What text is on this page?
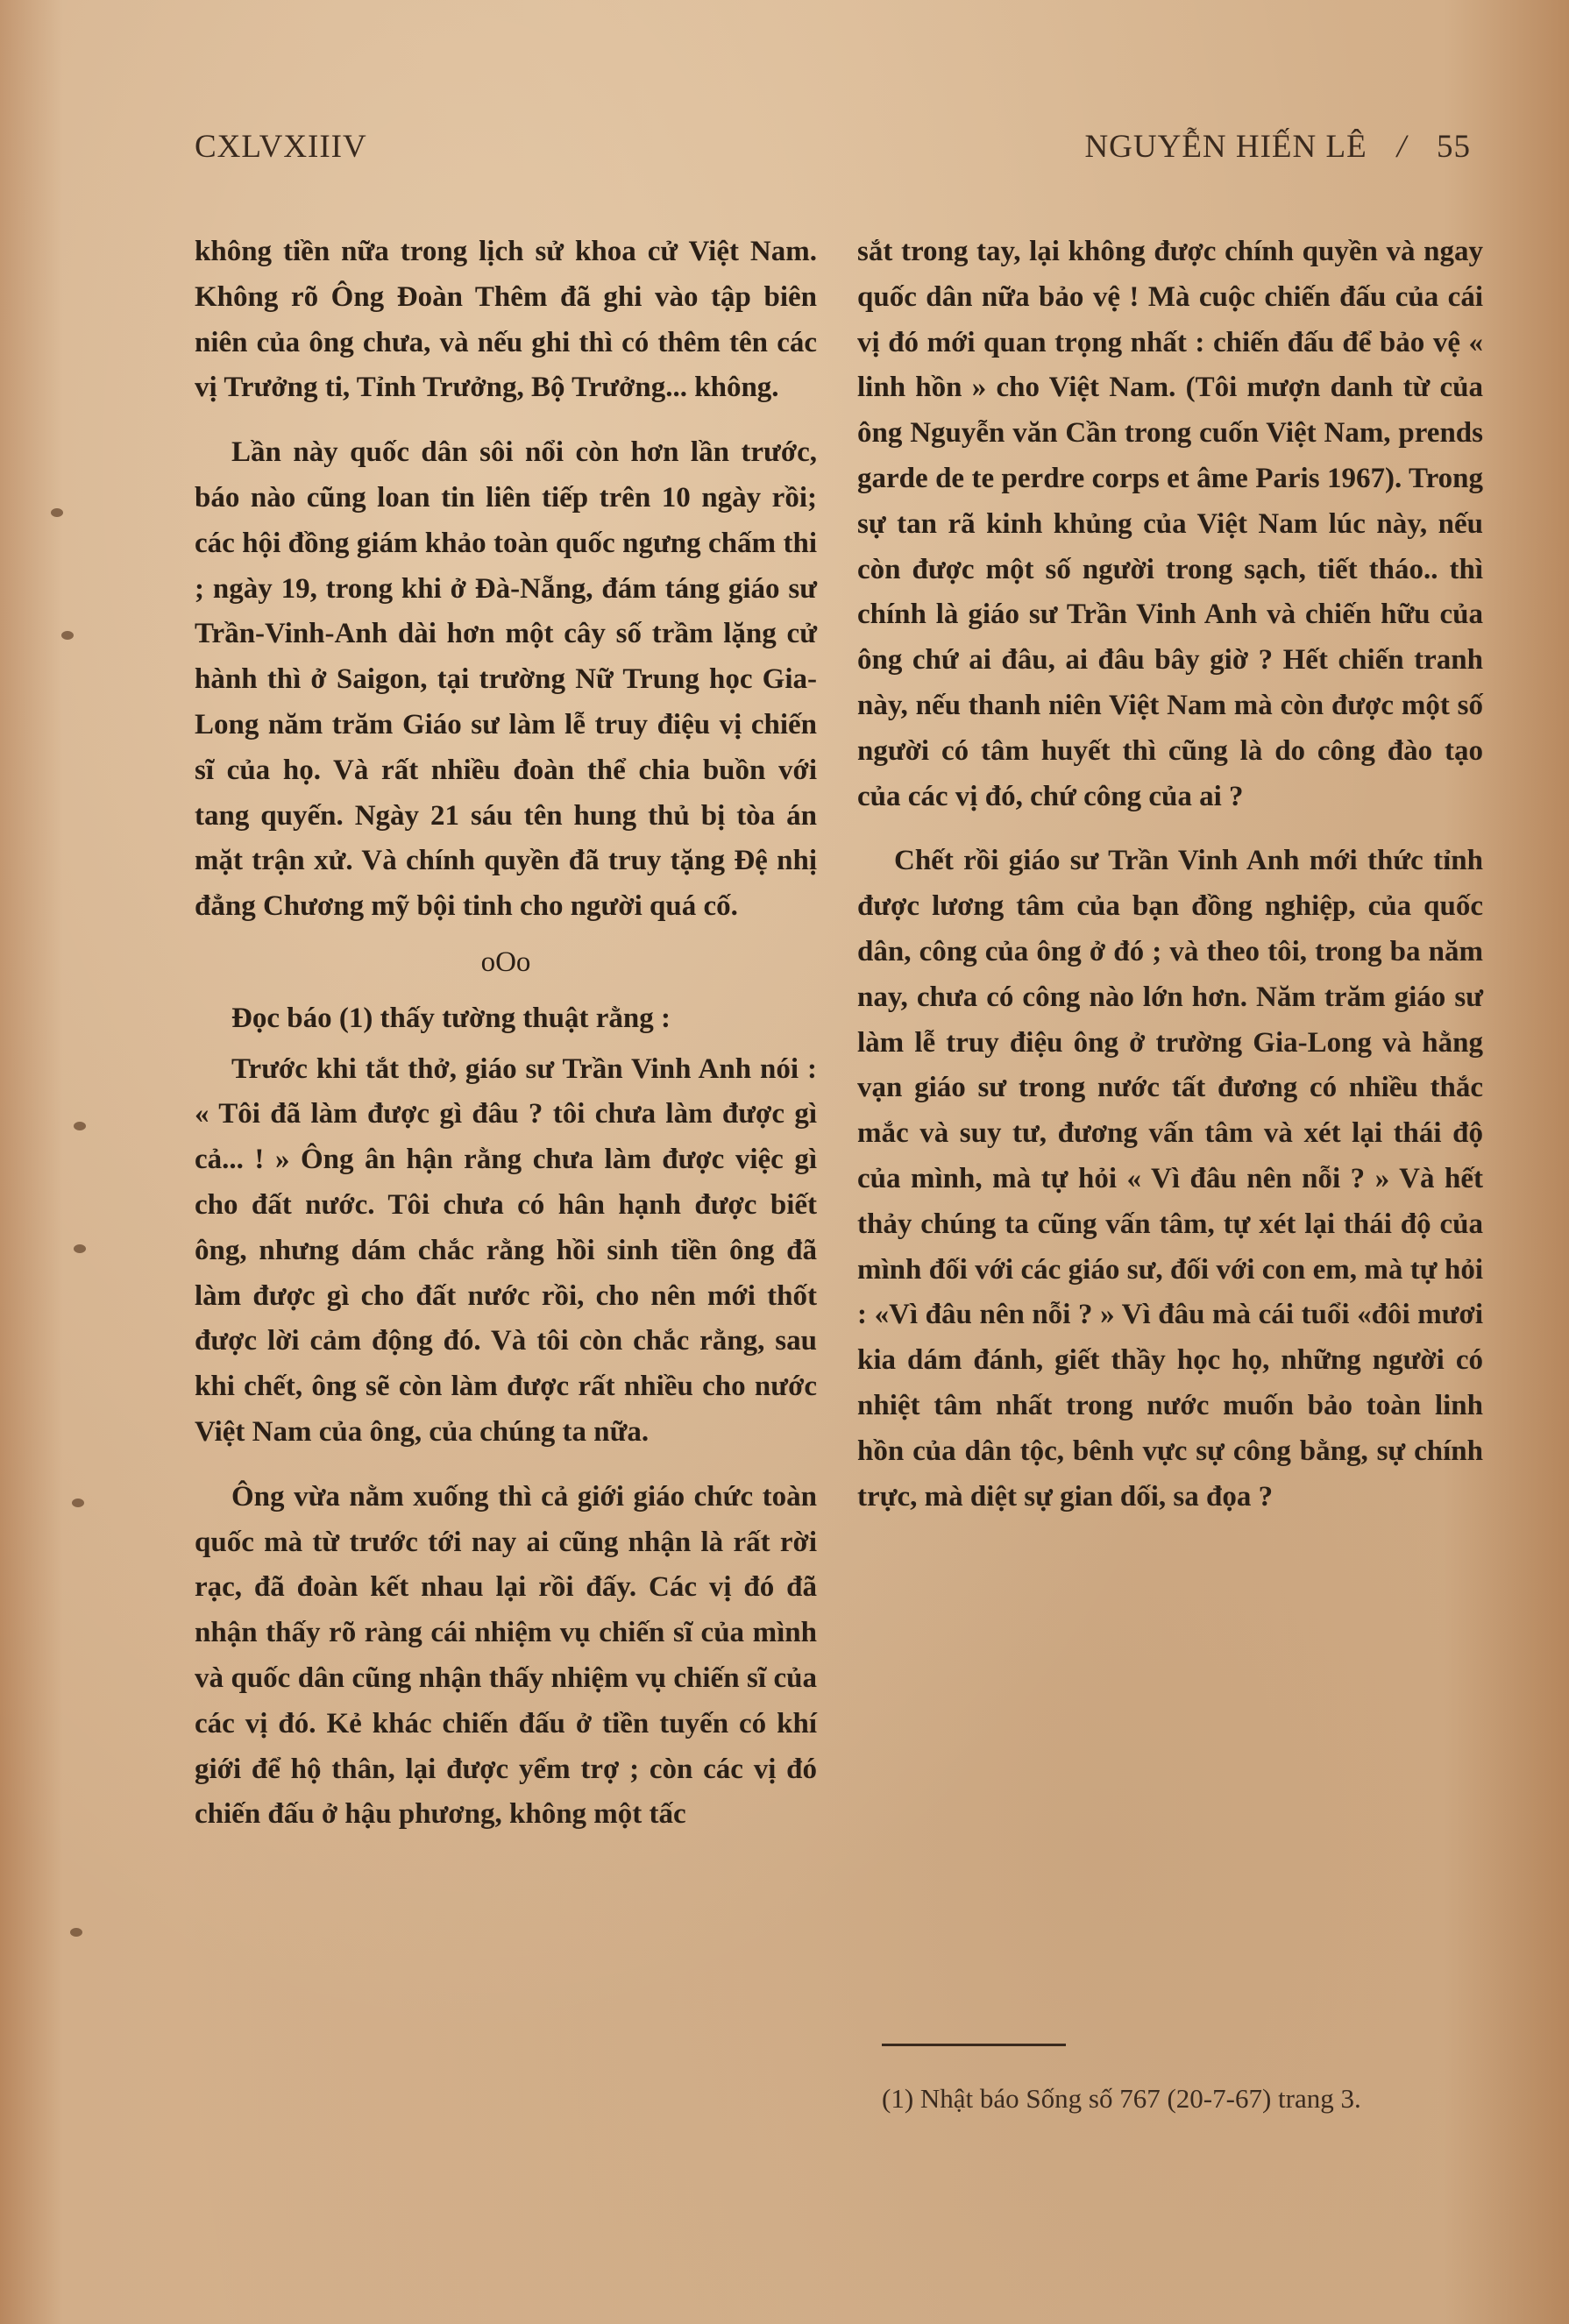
CXLVXIIIV	NGUYỄN HIẾN LÊ / 55

không tiền nữa trong lịch sử khoa cử Việt Nam. Không rõ Ông Đoàn Thêm đã ghi vào tập biên niên của ông chưa, và nếu ghi thì có thêm tên các vị Trưởng ti, Tỉnh Trưởng, Bộ Trưởng... không.

Lần này quốc dân sôi nổi còn hơn lần trước, báo nào cũng loan tin liên tiếp trên 10 ngày rồi; các hội đồng giám khảo toàn quốc ngưng chấm thi ; ngày 19, trong khi ở Đà-Nẵng, đám táng giáo sư Trần-Vinh-Anh dài hơn một cây số trầm lặng cử hành thì ở Saigon, tại trường Nữ Trung học Gia-Long năm trăm Giáo sư làm lễ truy điệu vị chiến sĩ của họ. Và rất nhiều đoàn thể chia buồn với tang quyến. Ngày 21 sáu tên hung thủ bị tòa án mặt trận xử. Và chính quyền đã truy tặng Đệ nhị đẳng Chương mỹ bội tinh cho người quá cố.

oOo

Đọc báo (1) thấy tường thuật rằng :

Trước khi tắt thở, giáo sư Trần Vinh Anh nói : « Tôi đã làm được gì đâu ? tôi chưa làm được gì cả... ! » Ông ân hận rằng chưa làm được việc gì cho đất nước. Tôi chưa có hân hạnh được biết ông, nhưng dám chắc rằng hồi sinh tiền ông đã làm được gì cho đất nước rồi, cho nên mới thốt được lời cảm động đó. Và tôi còn chắc rằng, sau khi chết, ông sẽ còn làm được rất nhiều cho nước Việt Nam của ông, của chúng ta nữa.

Ông vừa nằm xuống thì cả giới giáo chức toàn quốc mà từ trước tới nay ai cũng nhận là rất rời rạc, đã đoàn kết nhau lại rồi đấy. Các vị đó đã nhận thấy rõ ràng cái nhiệm vụ chiến sĩ của mình và quốc dân cũng nhận thấy nhiệm vụ chiến sĩ của các vị đó. Kẻ khác chiến đấu ở tiền tuyến có khí giới để hộ thân, lại được yểm trợ ; còn các vị đó chiến đấu ở hậu phương, không một tấc

sắt trong tay, lại không được chính quyền và ngay quốc dân nữa bảo vệ ! Mà cuộc chiến đấu của cái vị đó mới quan trọng nhất : chiến đấu để bảo vệ « linh hồn » cho Việt Nam. (Tôi mượn danh từ của ông Nguyễn văn Cần trong cuốn Việt Nam, prends garde de te perdre corps et âme Paris 1967). Trong sự tan rã kinh khủng của Việt Nam lúc này, nếu còn được một số người trong sạch, tiết tháo.. thì chính là giáo sư Trần Vinh Anh và chiến hữu của ông chứ ai đâu, ai đâu bây giờ ? Hết chiến tranh này, nếu thanh niên Việt Nam mà còn được một số người có tâm huyết thì cũng là do công đào tạo của các vị đó, chứ công của ai ?

Chết rồi giáo sư Trần Vinh Anh mới thức tỉnh được lương tâm của bạn đồng nghiệp, của quốc dân, công của ông ở đó ; và theo tôi, trong ba năm nay, chưa có công nào lớn hơn. Năm trăm giáo sư làm lễ truy điệu ông ở trường Gia-Long và hằng vạn giáo sư trong nước tất đương có nhiều thắc mắc và suy tư, đương vấn tâm và xét lại thái độ của mình, mà tự hỏi « Vì đâu nên nỗi ? » Và hết thảy chúng ta cũng vấn tâm, tự xét lại thái độ của mình đối với các giáo sư, đối với con em, mà tự hỏi : «Vì đâu nên nỗi ? » Vì đâu mà cái tuổi «đôi mươi kia dám đánh, giết thầy học họ, những người có nhiệt tâm nhất trong nước muốn bảo toàn linh hồn của dân tộc, bênh vực sự công bằng, sự chính trực, mà diệt sự gian dối, sa đọa ?

(1) Nhật báo Sống số 767 (20-7-67) trang 3.
